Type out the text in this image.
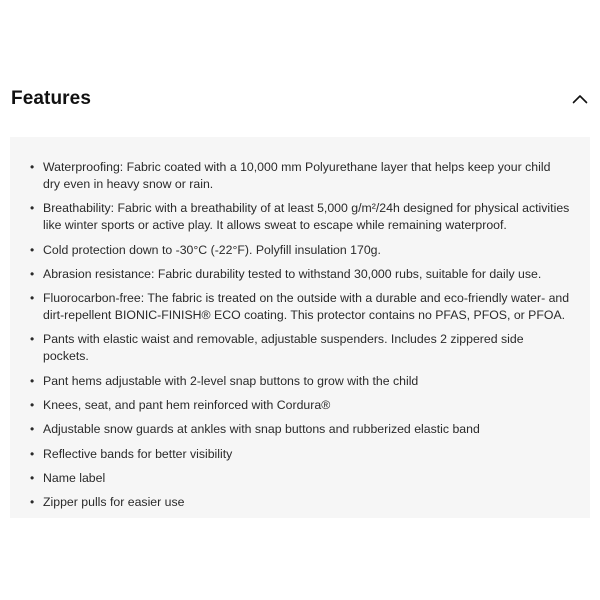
Features
• Waterproofing: Fabric coated with a 10,000 mm Polyurethane layer that helps keep your child dry even in heavy snow or rain.
• Breathability: Fabric with a breathability of at least 5,000 g/m²/24h designed for physical activities like winter sports or active play. It allows sweat to escape while remaining waterproof.
• Cold protection down to -30°C (-22°F). Polyfill insulation 170g.
• Abrasion resistance: Fabric durability tested to withstand 30,000 rubs, suitable for daily use.
• Fluorocarbon-free: The fabric is treated on the outside with a durable and eco-friendly water- and dirt-repellent BIONIC-FINISH® ECO coating. This protector contains no PFAS, PFOS, or PFOA.
• Pants with elastic waist and removable, adjustable suspenders. Includes 2 zippered side pockets.
• Pant hems adjustable with 2-level snap buttons to grow with the child
• Knees, seat, and pant hem reinforced with Cordura®
• Adjustable snow guards at ankles with snap buttons and rubberized elastic band
• Reflective bands for better visibility
• Name label
• Zipper pulls for easier use
